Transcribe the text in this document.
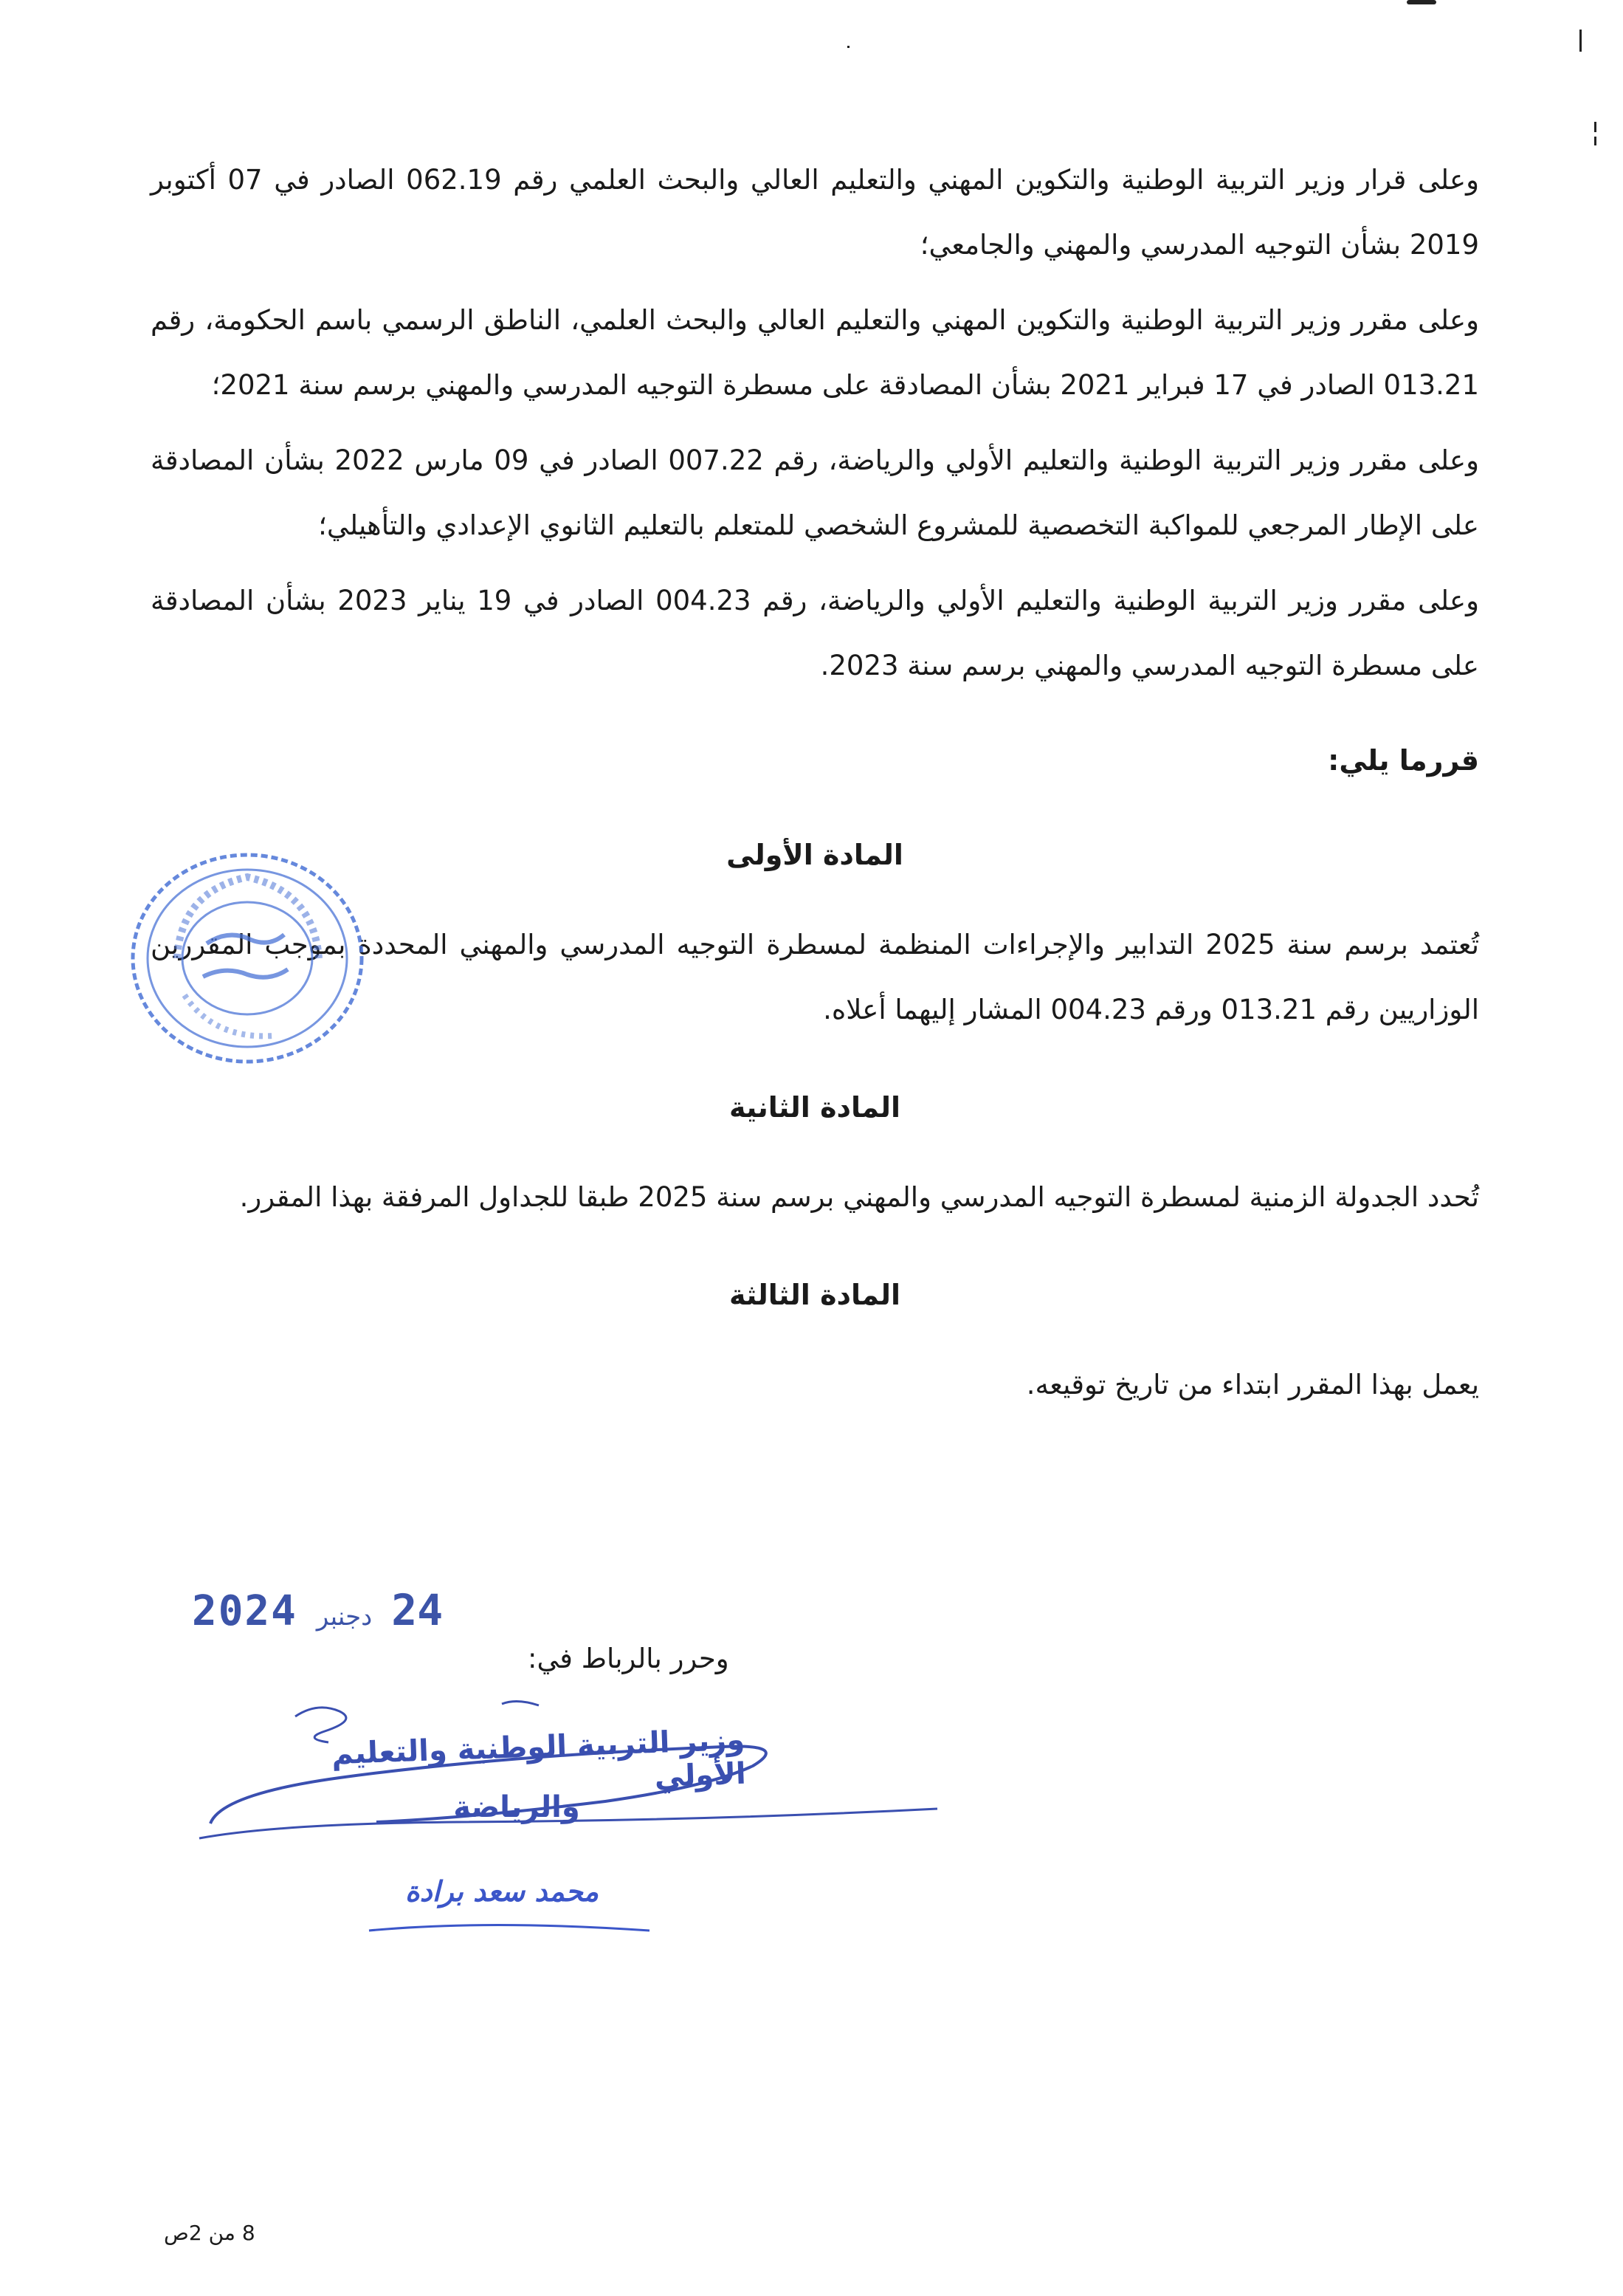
وعلى قرار وزير التربية الوطنية والتكوين المهني والتعليم العالي والبحث العلمي رقم 062.19 الصادر في 07 أكتوبر 2019 بشأن التوجيه المدرسي والمهني والجامعي؛

وعلى مقرر وزير التربية الوطنية والتكوين المهني والتعليم العالي والبحث العلمي، الناطق الرسمي باسم الحكومة، رقم 013.21 الصادر في 17 فبراير 2021 بشأن المصادقة على مسطرة التوجيه المدرسي والمهني برسم سنة 2021؛

وعلى مقرر وزير التربية الوطنية والتعليم الأولي والرياضة، رقم 007.22 الصادر في 09 مارس 2022 بشأن المصادقة على الإطار المرجعي للمواكبة التخصصية للمشروع الشخصي للمتعلم بالتعليم الثانوي الإعدادي والتأهيلي؛

وعلى مقرر وزير التربية الوطنية والتعليم الأولي والرياضة، رقم 004.23 الصادر في 19 يناير 2023 بشأن المصادقة على مسطرة التوجيه المدرسي والمهني برسم سنة 2023.

قررما يلي:

المادة الأولى

تُعتمد برسم سنة 2025 التدابير والإجراءات المنظمة لمسطرة التوجيه المدرسي والمهني المحددة بموجب المقررين الوزاريين رقم 013.21 ورقم 004.23 المشار إليهما أعلاه.

المادة الثانية

تُحدد الجدولة الزمنية لمسطرة التوجيه المدرسي والمهني برسم سنة 2025 طبقا للجداول المرفقة بهذا المقرر.

المادة الثالثة

يعمل بهذا المقرر ابتداء من تاريخ توقيعه.

2024 دجنبر 24
وحرر بالرباط في:
وزير التربية الوطنية والتعليم الأولي
والرياضة
محمد سعد برادة
8 من 2ص
